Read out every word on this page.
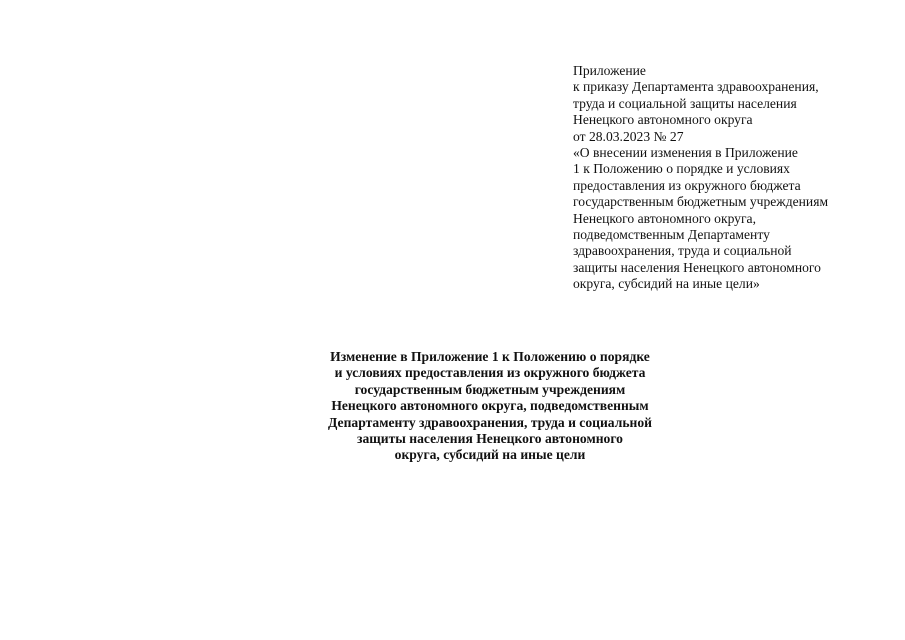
Приложение
к приказу Департамента здравоохранения,
труда и социальной защиты населения
Ненецкого автономного округа
от 28.03.2023 № 27
«О внесении изменения в Приложение
1 к Положению о порядке и условиях
предоставления из окружного бюджета
государственным бюджетным учреждениям
Ненецкого автономного округа,
подведомственным Департаменту
здравоохранения, труда и социальной
защиты населения Ненецкого автономного
округа, субсидий на иные цели»
Изменение в Приложение 1 к Положению о порядке
и условиях предоставления из окружного бюджета
государственным бюджетным учреждениям
Ненецкого автономного округа, подведомственным
Департаменту здравоохранения, труда и социальной
защиты населения Ненецкого автономного
округа, субсидий на иные цели
